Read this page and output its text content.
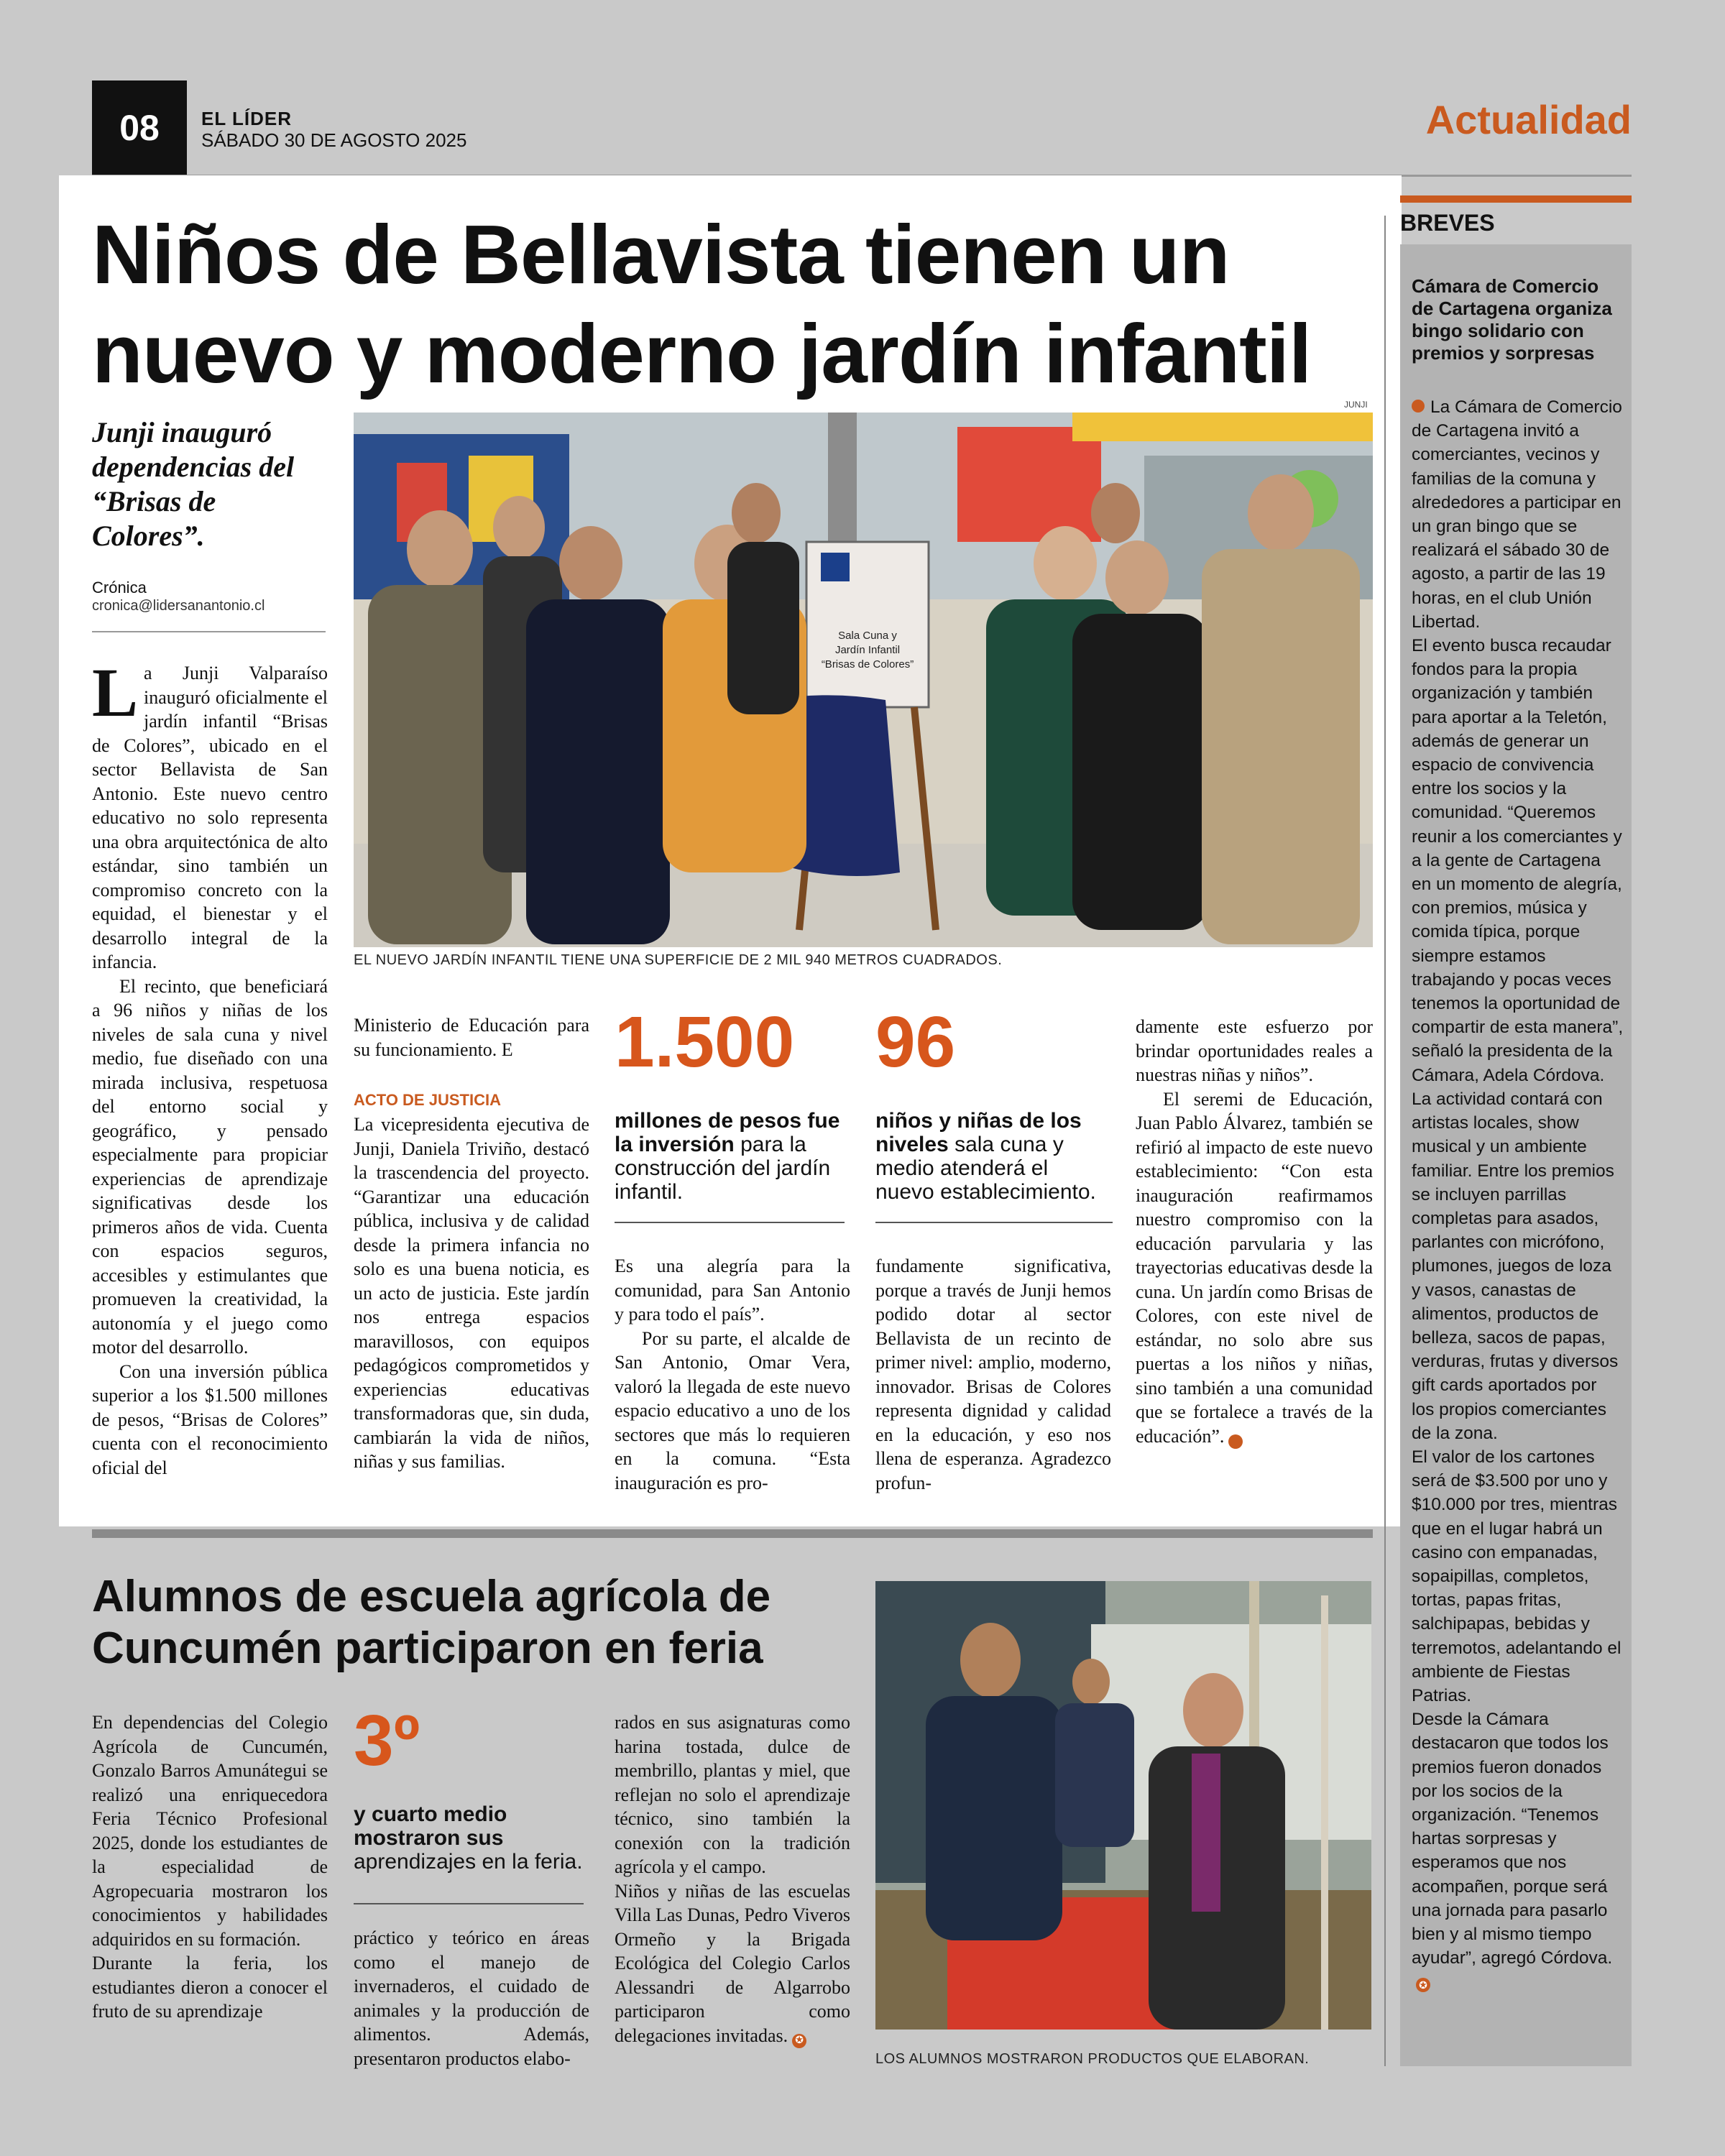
08	EL LÍDER
SÁBADO 30 DE AGOSTO 2025	Actualidad
Niños de Bellavista tienen un nuevo y moderno jardín infantil
Junji inauguró dependencias del “Brisas de Colores”.
Crónica
cronica@lidersanantonio.cl

La Junji Valparaíso inauguró oficialmente el jardín infantil “Brisas de Colores”, ubicado en el sector Bellavista de San Antonio. Este nuevo centro educativo no solo representa una obra arquitectónica de alto estándar, sino también un compromiso concreto con la equidad, el bienestar y el desarrollo integral de la infancia.

El recinto, que beneficiará a 96 niños y niñas de los niveles de sala cuna y nivel medio, fue diseñado con una mirada inclusiva, respetuosa del entorno social y geográfico, y pensado especialmente para propiciar experiencias de aprendizaje significativas desde los primeros años de vida. Cuenta con espacios seguros, accesibles y estimulantes que promueven la creatividad, la autonomía y el juego como motor del desarrollo.

Con una inversión pública superior a los $1.500 millones de pesos, “Brisas de Colores” cuenta con el reconocimiento oficial del

JUNJI
Sala Cuna y
Jardín Infantil
“Brisas de Colores”
EL NUEVO JARDÍN INFANTIL TIENE UNA SUPERFICIE DE 2 MIL 940 METROS CUADRADOS.

Ministerio de Educación para su funcionamiento. E

ACTO DE JUSTICIA

La vicepresidenta ejecutiva de Junji, Daniela Triviño, destacó la trascendencia del proyecto. “Garantizar una educación pública, inclusiva y de calidad desde la primera infancia no solo es una buena noticia, es un acto de justicia. Este jardín nos entrega espacios maravillosos, con equipos pedagógicos comprometidos y experiencias educativas transformadoras que, sin duda, cambiarán la vida de niños, niñas y sus familias.

1.500
millones de pesos fue la inversión para la construcción del jardín infantil.
96
niños y niñas de los niveles sala cuna y medio atenderá el nuevo establecimiento.

Es una alegría para la comunidad, para San Antonio y para todo el país”.

Por su parte, el alcalde de San Antonio, Omar Vera, valoró la llegada de este nuevo espacio educativo a uno de los sectores que más lo requieren en la comuna. “Esta inauguración es pro-

fundamente significativa, porque a través de Junji hemos podido dotar al sector Bellavista de un recinto de primer nivel: amplio, moderno, innovador. Brisas de Colores representa dignidad y calidad en la educación, y eso nos llena de esperanza. Agradezco profun-

damente este esfuerzo por brindar oportunidades reales a nuestras niñas y niños”.

El seremi de Educación, Juan Pablo Álvarez, también se refirió al impacto de este nuevo establecimiento: “Con esta inauguración reafirmamos nuestro compromiso con la educación parvularia y las trayectorias educativas desde la cuna. Un jardín como Brisas de Colores, con este nivel de estándar, no solo abre sus puertas a los niños y niñas, sino también a una comunidad que se fortalece a través de la educación”.	✪

BREVES
Cámara de Comercio de Cartagena organiza bingo solidario con premios y sorpresas

La Cámara de Comercio de Cartagena invitó a comerciantes, vecinos y familias de la comuna y alrededores a participar en un gran bingo que se realizará el sábado 30 de agosto, a partir de las 19 horas, en el club Unión Libertad.

El evento busca recaudar fondos para la propia organización y también para aportar a la Teletón, además de generar un espacio de convivencia entre los socios y la comunidad. “Queremos reunir a los comerciantes y a la gente de Cartagena en un momento de alegría, con premios, música y comida típica, porque siempre estamos trabajando y pocas veces tenemos la oportunidad de compartir de esta manera”, señaló la presidenta de la Cámara, Adela Córdova.

La actividad contará con artistas locales, show musical y un ambiente familiar. Entre los premios se incluyen parrillas completas para asados, parlantes con micrófono, plumones, juegos de loza y vasos, canastas de alimentos, productos de belleza, sacos de papas, verduras, frutas y diversos gift cards aportados por los propios comerciantes de la zona.

El valor de los cartones será de $3.500 por uno y $10.000 por tres, mientras que en el lugar habrá un casino con empanadas, sopaipillas, completos, tortas, papas fritas, salchipapas, bebidas y terremotos, adelantando el ambiente de Fiestas Patrias.

Desde la Cámara destacaron que todos los premios fueron donados por los socios de la organización. “Tenemos hartas sorpresas y esperamos que nos acompañen, porque será una jornada para pasarlo bien y al mismo tiempo ayudar”, agregó Córdova.✪

Alumnos de escuela agrícola de Cuncumén participaron en feria

En dependencias del Colegio Agrícola de Cuncumén, Gonzalo Barros Amunátegui se realizó una enriquecedora Feria Técnico Profesional 2025, donde los estudiantes de la especialidad de Agropecuaria mostraron los conocimientos y habilidades adquiridos en su formación.

Durante la feria, los estudiantes dieron a conocer el fruto de su aprendizaje

3º
y cuarto medio mostraron sus aprendizajes en la feria.

práctico y teórico en áreas como el manejo de invernaderos, el cuidado de animales y la producción de alimentos. Además, presentaron productos elabo-

rados en sus asignaturas como harina tostada, dulce de membrillo, plantas y miel, que reflejan no solo el aprendizaje técnico, sino también la conexión con la tradición agrícola y el campo.

Niños y niñas de las escuelas Villa Las Dunas, Pedro Viveros Ormeño y la Brigada Ecológica del Colegio Carlos Alessandri de Algarrobo participaron como delegaciones invitadas. ✪

LOS ALUMNOS MOSTRARON PRODUCTOS QUE ELABORAN.
